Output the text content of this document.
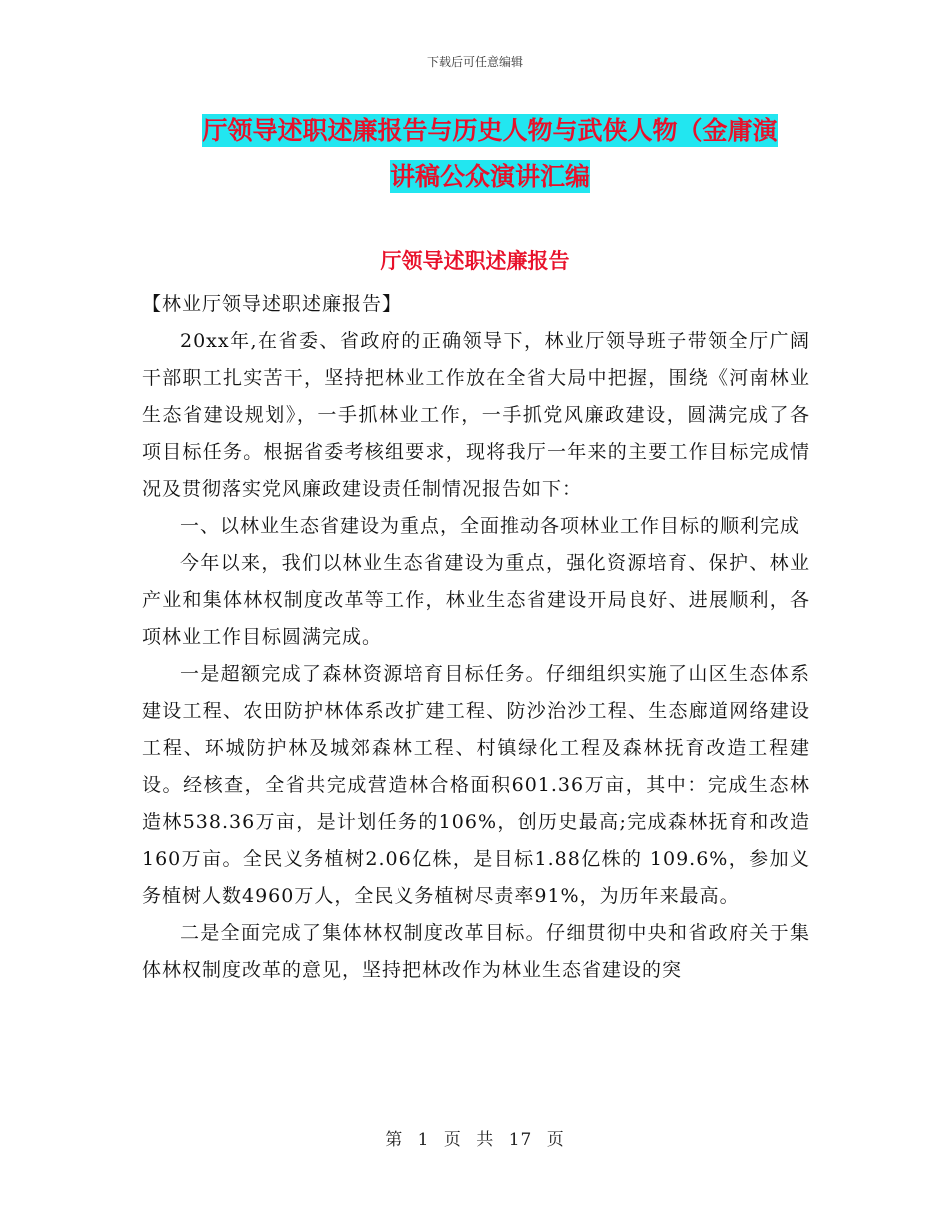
下载后可任意编辑
厅领导述职述廉报告与历史人物与武侠人物（金庸演
讲稿公众演讲汇编
厅领导述职述廉报告

【林业厅领导述职述廉报告】

20xx年,在省委、省政府的正确领导下，林业厅领导班子带领全厅广阔干部职工扎实苦干，坚持把林业工作放在全省大局中把握，围绕《河南林业生态省建设规划》，一手抓林业工作，一手抓党风廉政建设，圆满完成了各项目标任务。根据省委考核组要求，现将我厅一年来的主要工作目标完成情况及贯彻落实党风廉政建设责任制情况报告如下：

一、以林业生态省建设为重点，全面推动各项林业工作目标的顺利完成

今年以来，我们以林业生态省建设为重点，强化资源培育、保护、林业产业和集体林权制度改革等工作，林业生态省建设开局良好、进展顺利，各项林业工作目标圆满完成。

一是超额完成了森林资源培育目标任务。仔细组织实施了山区生态体系建设工程、农田防护林体系改扩建工程、防沙治沙工程、生态廊道网络建设工程、环城防护林及城郊森林工程、村镇绿化工程及森林抚育改造工程建设。经核查，全省共完成营造林合格面积601.36万亩，其中：完成生态林造林538.36万亩，是计划任务的106%，创历史最高;完成森林抚育和改造160万亩。全民义务植树2.06亿株，是目标1.88亿株的 109.6%，参加义务植树人数4960万人，全民义务植树尽责率91%，为历年来最高。

二是全面完成了集体林权制度改革目标。仔细贯彻中央和省政府关于集体林权制度改革的意见，坚持把林改作为林业生态省建设的突

第 1 页 共 17 页
